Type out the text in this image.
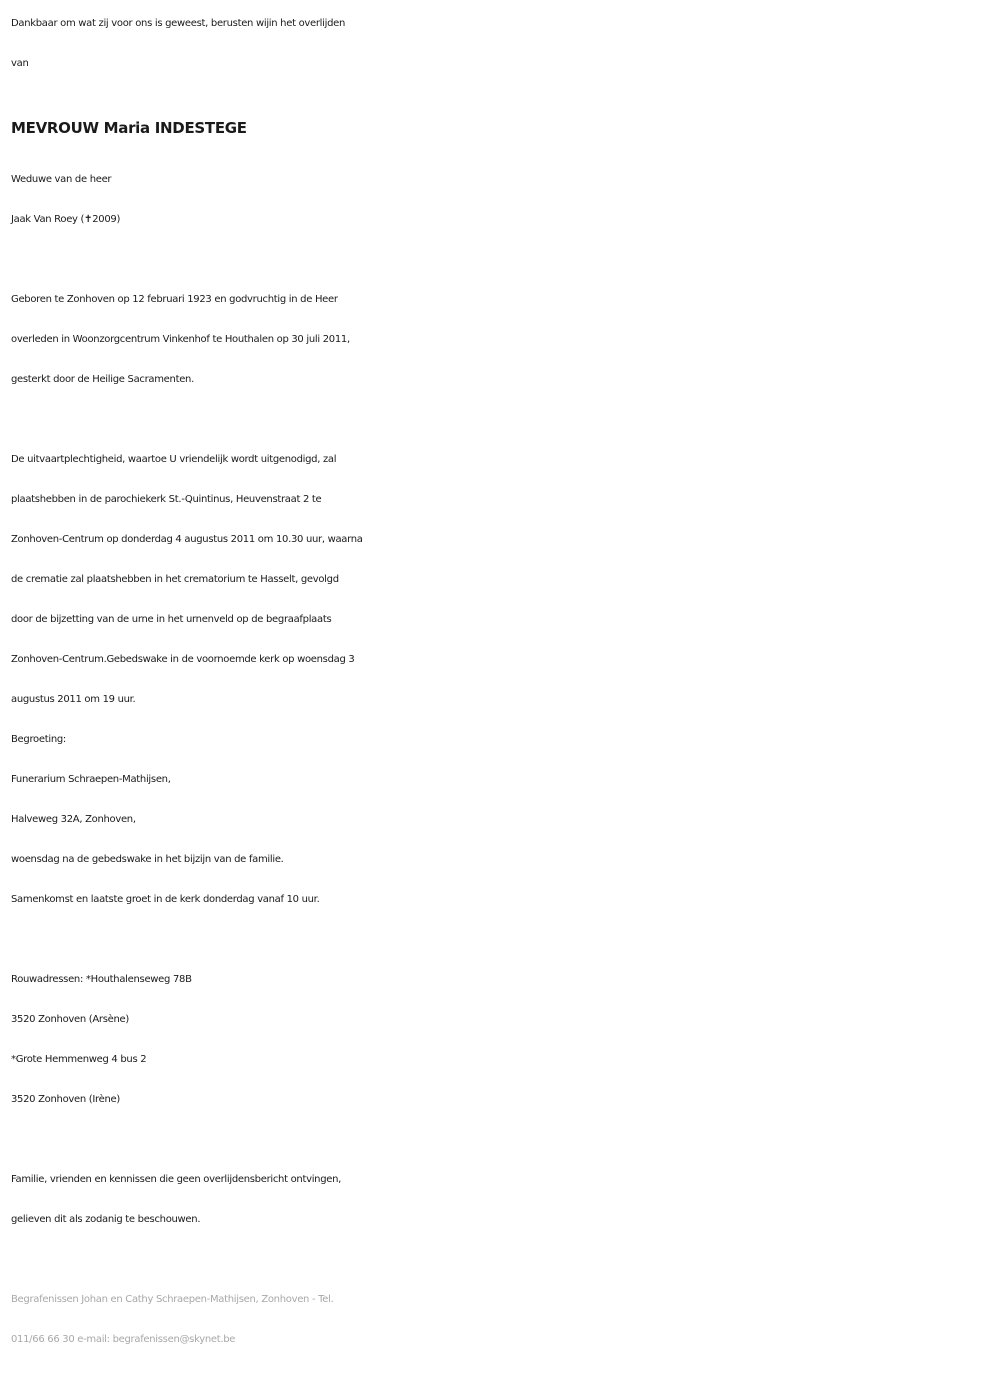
Dankbaar om wat zij voor ons is geweest, berusten wijin het overlijden
van
MEVROUW Maria INDESTEGE
Weduwe van de heer
Jaak Van Roey (✝2009)
Geboren te Zonhoven op 12 februari 1923 en godvruchtig in de Heer
overleden in Woonzorgcentrum Vinkenhof te Houthalen op 30 juli 2011,
gesterkt door de Heilige Sacramenten.
De uitvaartplechtigheid, waartoe U vriendelijk wordt uitgenodigd, zal
plaatshebben in de parochiekerk St.-Quintinus, Heuvenstraat 2 te
Zonhoven-Centrum op donderdag 4 augustus 2011 om 10.30 uur, waarna
de crematie zal plaatshebben in het crematorium te Hasselt, gevolgd
door de bijzetting van de urne in het urnenveld op de begraafplaats
Zonhoven-Centrum.Gebedswake in de voornoemde kerk op woensdag 3
augustus 2011 om 19 uur.
Begroeting:
Funerarium Schraepen-Mathijsen,
Halveweg 32A, Zonhoven,
woensdag na de gebedswake in het bijzijn van de familie.
Samenkomst en laatste groet in de kerk donderdag vanaf 10 uur.
Rouwadressen: *Houthalenseweg 78B
3520 Zonhoven (Arsène)
*Grote Hemmenweg 4 bus 2
3520 Zonhoven (Irène)
Familie, vrienden en kennissen die geen overlijdensbericht ontvingen,
gelieven dit als zodanig te beschouwen.
Begrafenissen Johan en Cathy Schraepen-Mathijsen, Zonhoven - Tel.
011/66 66 30 e-mail: begrafenissen@skynet.be
